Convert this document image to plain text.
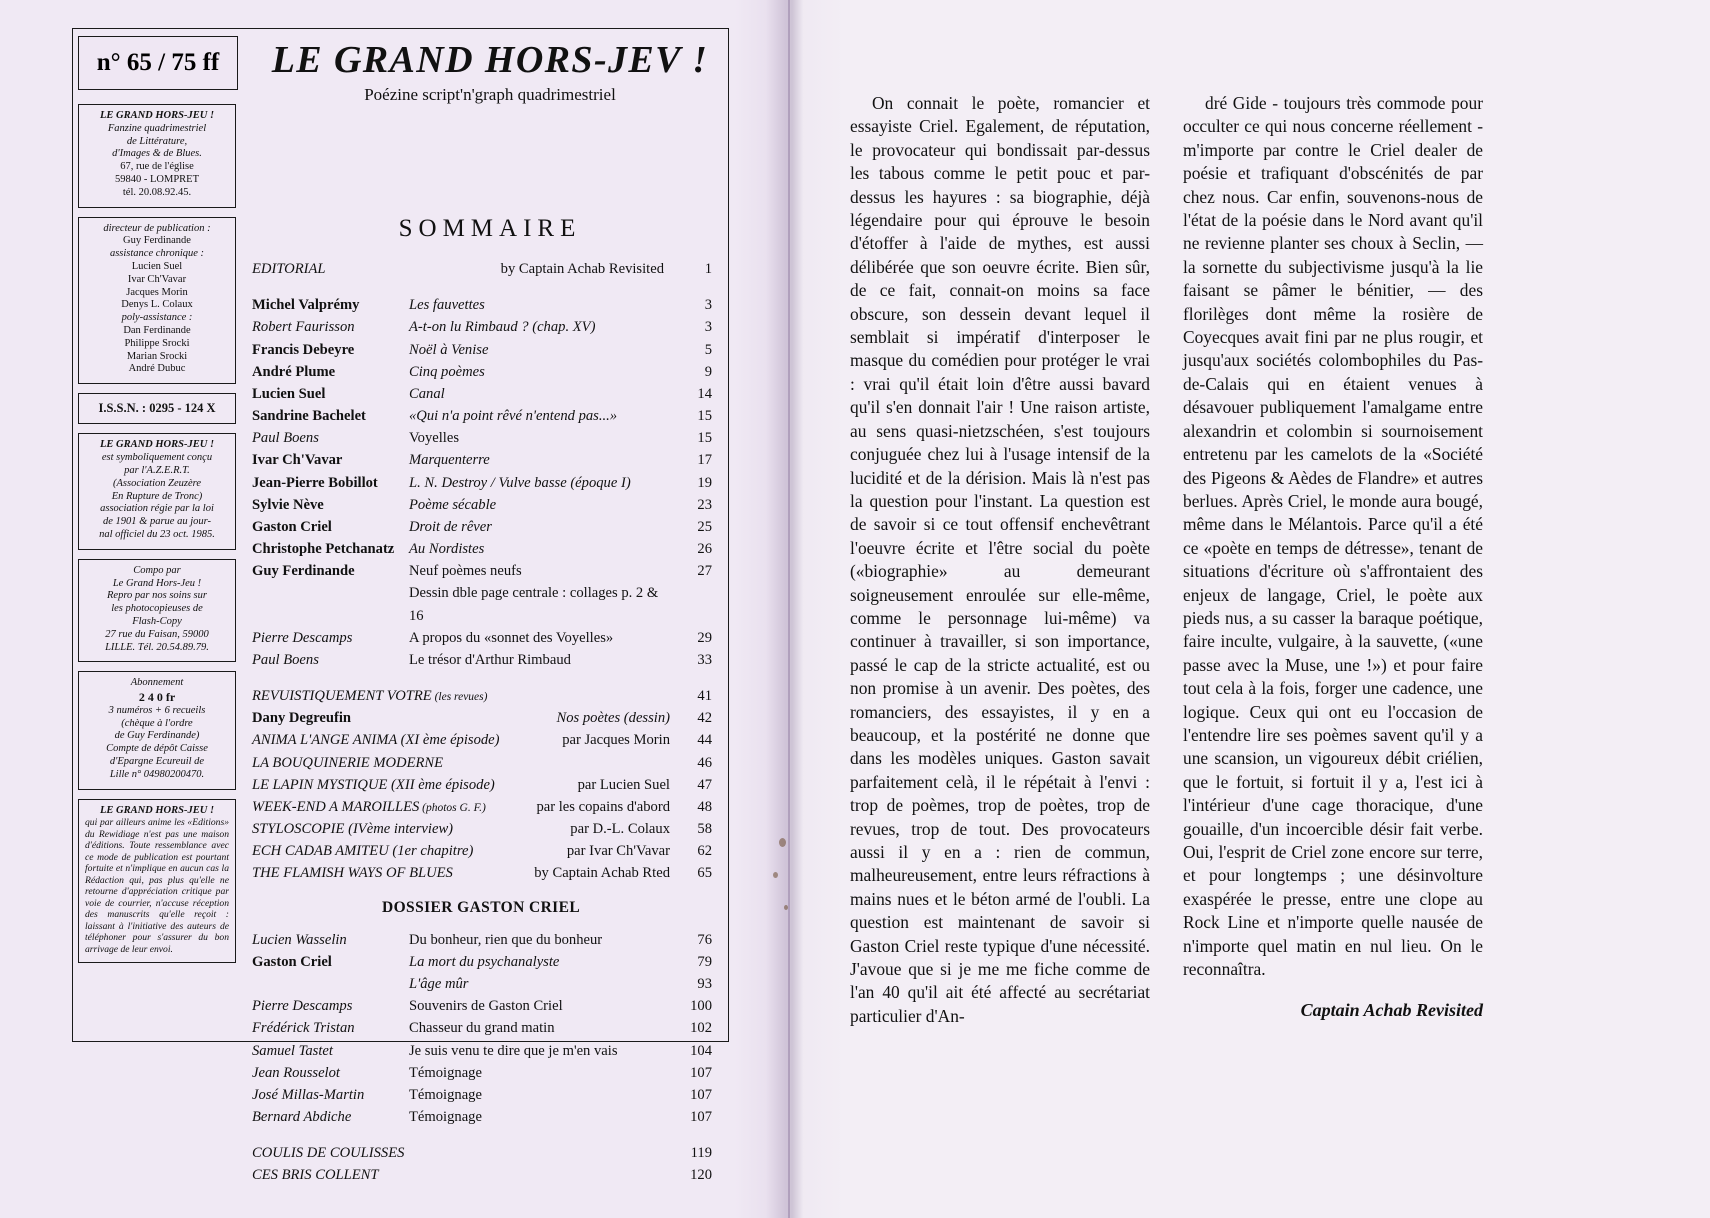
n° 65 / 75 ff	LE GRAND HORS-JEV !
Poézine script'n'graph quadrimestriel
LE GRAND HORS-JEU !
Fanzine quadrimestriel
de Littérature,
d'Images & de Blues.
67, rue de l'église
59840 - LOMPRET
tél. 20.08.92.45.
directeur de publication :
Guy Ferdinande
assistance chronique :
Lucien Suel
Ivar Ch'Vavar
Jacques Morin
Denys L. Colaux
poly-assistance :
Dan Ferdinande
Philippe Srocki
Marian Srocki
André Dubuc
I.S.S.N. : 0295 - 124 X
LE GRAND HORS-JEU !
est symboliquement conçu
par l'A.Z.E.R.T.
(Association Zeuzère
En Rupture de Tronc)
association régie par la loi
de 1901 & parue au jour-
nal officiel du 23 oct. 1985.
Compo par
Le Grand Hors-Jeu !
Repro par nos soins sur
les photocopieuses de
Flash-Copy
27 rue du Faisan, 59000
LILLE. Tél. 20.54.89.79.
Abonnement
2 4 0 fr
3 numéros + 6 recueils
(chèque à l'ordre
de Guy Ferdinande)
Compte de dépôt Caisse
d'Epargne Ecureuil de
Lille n° 04980200470.
LE GRAND HORS-JEU !
qui par ailleurs anime les «Editions» du Rewidiage n'est pas une maison d'éditions. Toute ressemblance avec ce mode de publication est pourtant fortuite et n'implique en aucun cas la Rédaction qui, pas plus qu'elle ne retourne d'appréciation critique par voie de courrier, n'accuse réception des manuscrits qu'elle reçoit : laissant à l'initiative des auteurs de téléphoner pour s'assurer du bon arrivage de leur envoi.
SOMMAIRE
EDITORIAL	by Captain Achab Revisited	1
Michel Valprémy	Les fauvettes	3
Robert Faurisson	A-t-on lu Rimbaud ? (chap. XV)	3
Francis Debeyre	Noël à Venise	5
André Plume	Cinq poèmes	9
Lucien Suel	Canal	14
Sandrine Bachelet	«Qui n'a point rêvé n'entend pas...»	15
Paul Boens	Voyelles	15
Ivar Ch'Vavar	Marquenterre	17
Jean-Pierre Bobillot	L. N. Destroy / Vulve basse (époque I)	19
Sylvie Nève	Poème sécable	23
Gaston Criel	Droit de rêver	25
Christophe Petchanatz	Au Nordistes	26
Guy Ferdinande	Neuf poèmes neufs	27
Dessin dble page centrale : collages p. 2 & 16
Pierre Descamps	A propos du «sonnet des Voyelles»	29
Paul Boens	Le trésor d'Arthur Rimbaud	33
REVUISTIQUEMENT VOTRE (les revues)	41
Dany Degreufin	Nos poètes (dessin)	42
ANIMA L'ANGE ANIMA (XI ème épisode)	par Jacques Morin	44
LA BOUQUINERIE MODERNE	46
LE LAPIN MYSTIQUE (XII ème épisode)	par Lucien Suel	47
WEEK-END A MAROILLES (photos G. F.)	par les copains d'abord	48
STYLOSCOPIE (IVème interview)	par D.-L. Colaux	58
ECH CADAB AMITEU (1er chapitre)	par Ivar Ch'Vavar	62
THE FLAMISH WAYS OF BLUES	by Captain Achab Rted	65
DOSSIER GASTON CRIEL
Lucien Wasselin	Du bonheur, rien que du bonheur	76
Gaston Criel	La mort du psychanalyste	79
L'âge mûr	93
Pierre Descamps	Souvenirs de Gaston Criel	100
Frédérick Tristan	Chasseur du grand matin	102
Samuel Tastet	Je suis venu te dire que je m'en vais	104
Jean Rousselot	Témoignage	107
José Millas-Martin	Témoignage	107
Bernard Abdiche	Témoignage	107
COULIS DE COULISSES	119
CES BRIS COLLENT	120

On connait le poète, romancier et essayiste Criel. Egalement, de réputation, le provocateur qui bondissait par-dessus les tabous comme le petit pouc et par-dessus les hayures : sa biographie, déjà légendaire pour qui éprouve le besoin d'étoffer à l'aide de mythes, est aussi délibérée que son oeuvre écrite. Bien sûr, de ce fait, connait-on moins sa face obscure, son dessein devant lequel il semblait si impératif d'interposer le masque du comédien pour protéger le vrai : vrai qu'il était loin d'être aussi bavard qu'il s'en donnait l'air ! Une raison artiste, au sens quasi-nietzschéen, s'est toujours conjuguée chez lui à l'usage intensif de la lucidité et de la dérision. Mais là n'est pas la question pour l'instant. La question est de savoir si ce tout offensif enchevêtrant l'oeuvre écrite et l'être social du poète («biographie» au demeurant soigneusement enroulée sur elle-même, comme le personnage lui-même) va continuer à travailler, si son importance, passé le cap de la stricte actualité, est ou non promise à un avenir. Des poètes, des romanciers, des essayistes, il y en a beaucoup, et la postérité ne donne que dans les modèles uniques. Gaston savait parfaitement celà, il le répétait à l'envi : trop de poèmes, trop de poètes, trop de revues, trop de tout. Des provocateurs aussi il y en a : rien de commun, malheureusement, entre leurs réfractions à mains nues et le béton armé de l'oubli. La question est maintenant de savoir si Gaston Criel reste typique d'une nécessité. J'avoue que si je me me fiche comme de l'an 40 qu'il ait été affecté au secrétariat particulier d'An-

dré Gide - toujours très commode pour occulter ce qui nous concerne réellement - m'importe par contre le Criel dealer de poésie et trafiquant d'obscénités de par chez nous. Car enfin, souvenons-nous de l'état de la poésie dans le Nord avant qu'il ne revienne planter ses choux à Seclin, — la sornette du subjectivisme jusqu'à la lie faisant se pâmer le bénitier, — des florilèges dont même la rosière de Coyecques avait fini par ne plus rougir, et jusqu'aux sociétés colombophiles du Pas-de-Calais qui en étaient venues à désavouer publiquement l'amalgame entre alexandrin et colombin si sournoisement entretenu par les camelots de la «Société des Pigeons & Aèdes de Flandre» et autres berlues. Après Criel, le monde aura bougé, même dans le Mélantois. Parce qu'il a été ce «poète en temps de détresse», tenant de situations d'écriture où s'affrontaient des enjeux de langage, Criel, le poète aux pieds nus, a su casser la baraque poétique, faire inculte, vulgaire, à la sauvette, («une passe avec la Muse, une !») et pour faire tout cela à la fois, forger une cadence, une logique. Ceux qui ont eu l'occasion de l'entendre lire ses poèmes savent qu'il y a une scansion, un vigoureux débit criélien, que le fortuit, si fortuit il y a, l'est ici à l'intérieur d'une cage thoracique, d'une gouaille, d'un incoercible désir fait verbe. Oui, l'esprit de Criel zone encore sur terre, et pour longtemps ; une désinvolture exaspérée le presse, entre une clope au Rock Line et n'importe quelle nausée de n'importe quel matin en nul lieu. On le reconnaîtra.

Captain Achab Revisited
